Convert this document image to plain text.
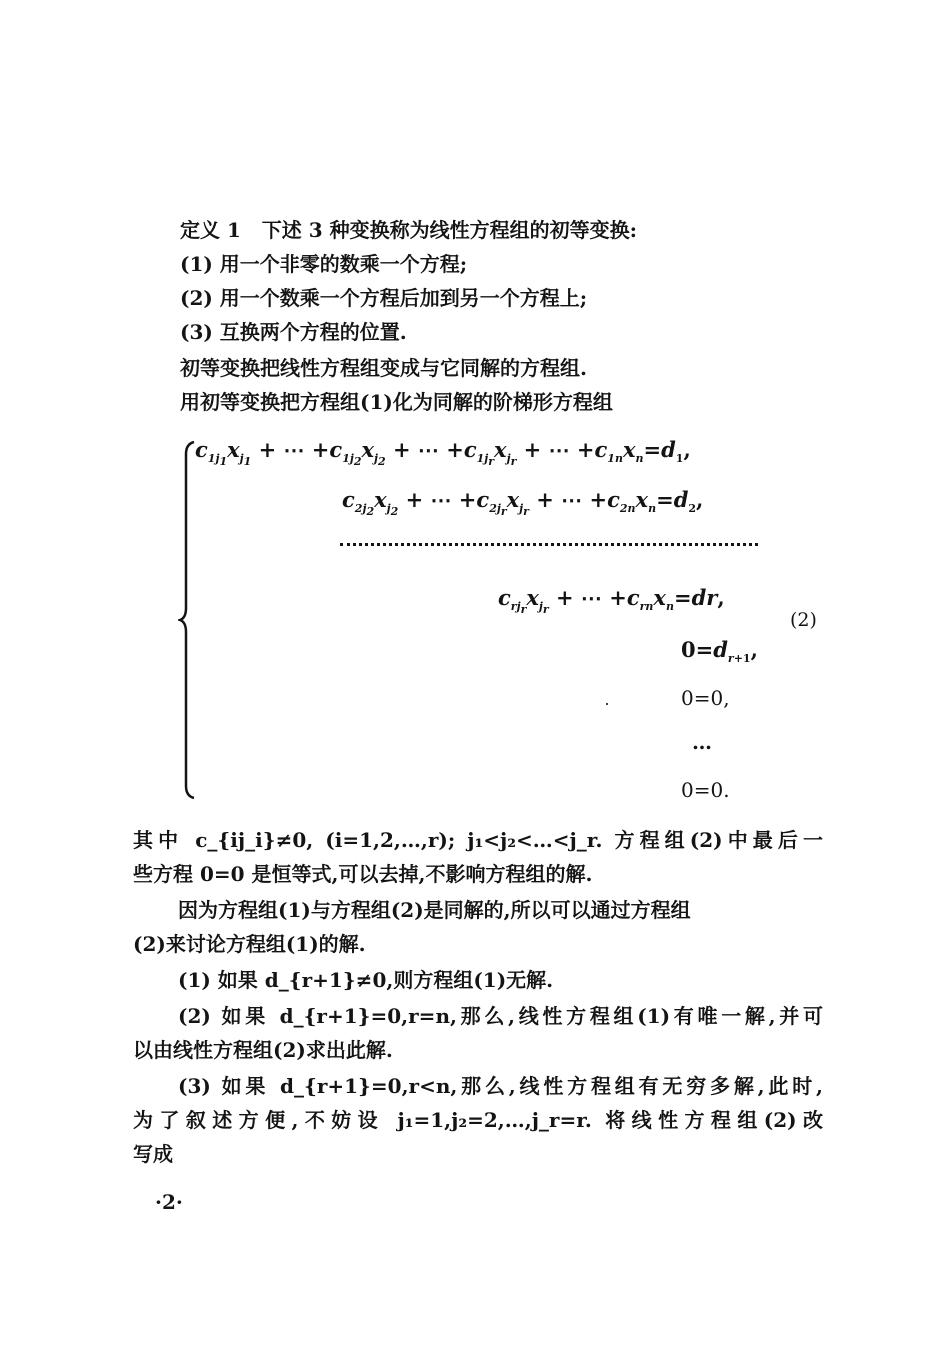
定义 1 下述 3 种变换称为线性方程组的初等变换:
(1) 用一个非零的数乘一个方程;
(2) 用一个数乘一个方程后加到另一个方程上;
(3) 互换两个方程的位置.
初等变换把线性方程组变成与它同解的方程组.
用初等变换把方程组(1)化为同解的阶梯形方程组
$c_{1j_1}x_{j_1}$ + ⋯ $+c_{1j_2}x_{j_2}$ + ⋯ $+c_{1j_r}x_{j_r}$ + ⋯ $+c_{1n}x_n=d_1$,
$c_{2j_2}x_{j_2}$ + ⋯ $+c_{2j_r}x_{j_r}$ + ⋯ $+c_{2n}x_n=d_2$,
$c_{rj_r}x_{j_r}$ + ⋯ $+c_{rn}x_n=dr$,
(2)
$0=d_{r+1}$,
0=0,
…
0=0.
其中 c_{ij_i}≠0, (i=1,2,…,r); j₁<j₂<…<j_r. 方程组(2)中最后一
些方程 0=0 是恒等式,可以去掉,不影响方程组的解.
因为方程组(1)与方程组(2)是同解的,所以可以通过方程组
(2)来讨论方程组(1)的解.
(1) 如果 d_{r+1}≠0,则方程组(1)无解.
(2) 如果 d_{r+1}=0,r=n,那么,线性方程组(1)有唯一解,并可
以由线性方程组(2)求出此解.
(3) 如果 d_{r+1}=0,r<n,那么,线性方程组有无穷多解,此时,
为了叙述方便,不妨设 j₁=1,j₂=2,…,j_r=r. 将线性方程组(2)改
写成
·2·
